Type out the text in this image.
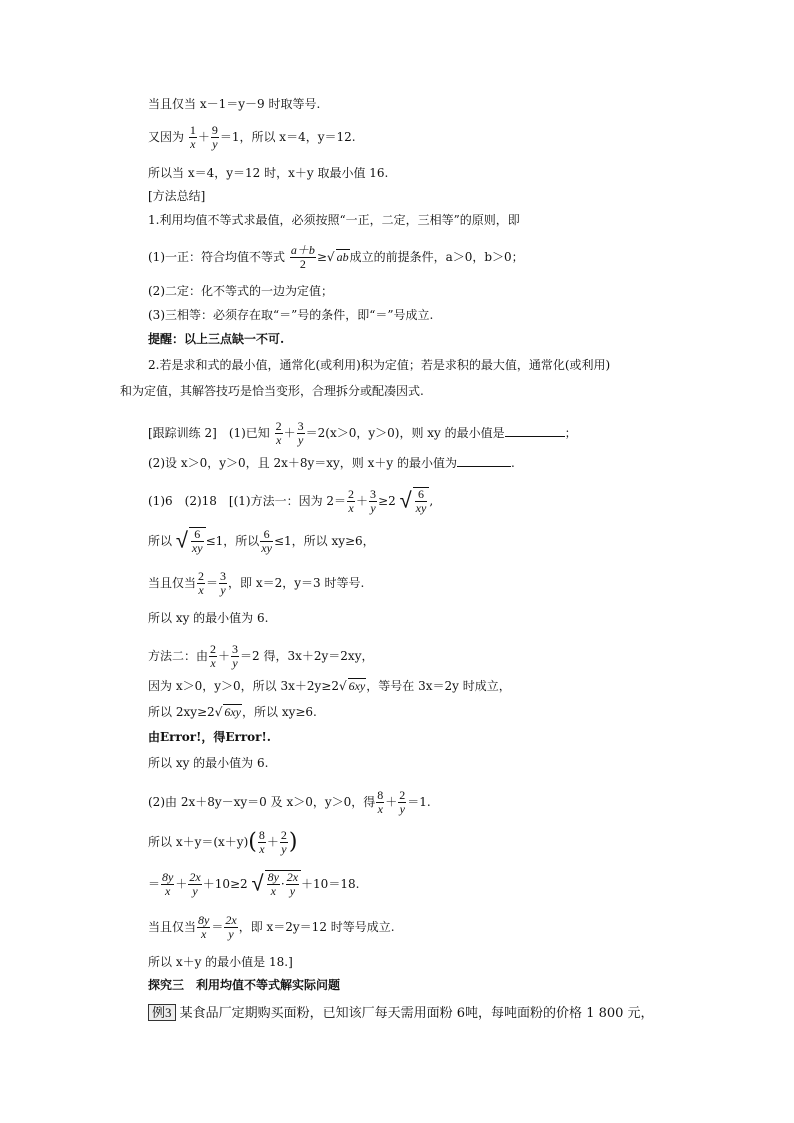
当且仅当 x－1＝y－9 时取等号.
又因为 $\frac{1}{x} + \frac{9}{y} =1$，所以 x＝4，y＝12.
所以当 x＝4，y＝12 时，x＋y 取最小值 16.
[方法总结]
1.利用均值不等式求最值，必须按照“一正，二定，三相等”的原则，即
(1)一正：符合均值不等式 $\frac{a+b}{2}$ ≥√ ab成立的前提条件，a＞0，b＞0；
(2)二定：化不等式的一边为定值；
(3)三相等：必须存在取“＝”号的条件，即“＝”号成立.
提醒：以上三点缺一不可.
2.若是求和式的最小值，通常化(或利用)积为定值；若是求积的最大值，通常化(或利用)
和为定值，其解答技巧是恰当变形，合理拆分或配凑因式.
[跟踪训练 2]　(1)已知 $\frac{2}{x} + \frac{3}{y} =2(x>0$，y＞0)，则 xy 的最小值是	；
(2)设 x＞0，y＞0，且 2x＋8y＝xy，则 x＋y 的最小值为	.
(1)6　(2)18　[(1)方法一：因为 $2= \frac{2}{x} + \frac{3}{y} \ge 2$ √ $\frac{6}{xy}$ ,
所以 √ $\frac{6}{xy} \le 1$，所以 $\frac{6}{xy} \le 1$，所以 xy≥6，
当且仅当 $\frac{2}{x} = \frac{3}{y}$ ，即 x＝2，y＝3 时等号.
所以 xy 的最小值为 6.
方法二：由 $\frac{2}{x} + \frac{3}{y} =2$ 得，3x＋2y＝2xy，
因为 x＞0，y＞0，所以 3x＋2y≥2√ 6xy，等号在 3x＝2y 时成立，
所以 2xy≥2√ 6xy，所以 xy≥6.
由Error!，得Error!.
所以 xy 的最小值为 6.
(2)由 2x＋8y－xy＝0 及 x＞0，y＞0，得 $\frac{8}{x} + \frac{2}{y} =1$.
所以 $x+y=(x+y)( \frac{8}{x} + \frac{2}{y}$ )
＝ $\frac{8y}{x} + \frac{2x}{y} +10\ge 2$ √ $\frac{8y}{x} \cdot \frac{2x}{y} +10=18$.
当且仅当 $\frac{8y}{x} = \frac{2x}{y}$ ，即 x＝2y＝12 时等号成立.
所以 x＋y 的最小值是 18.]
探究三　利用均值不等式解实际问题
例3 某食品厂定期购买面粉，已知该厂每天需用面粉 6吨，每吨面粉的价格 1 800 元，
